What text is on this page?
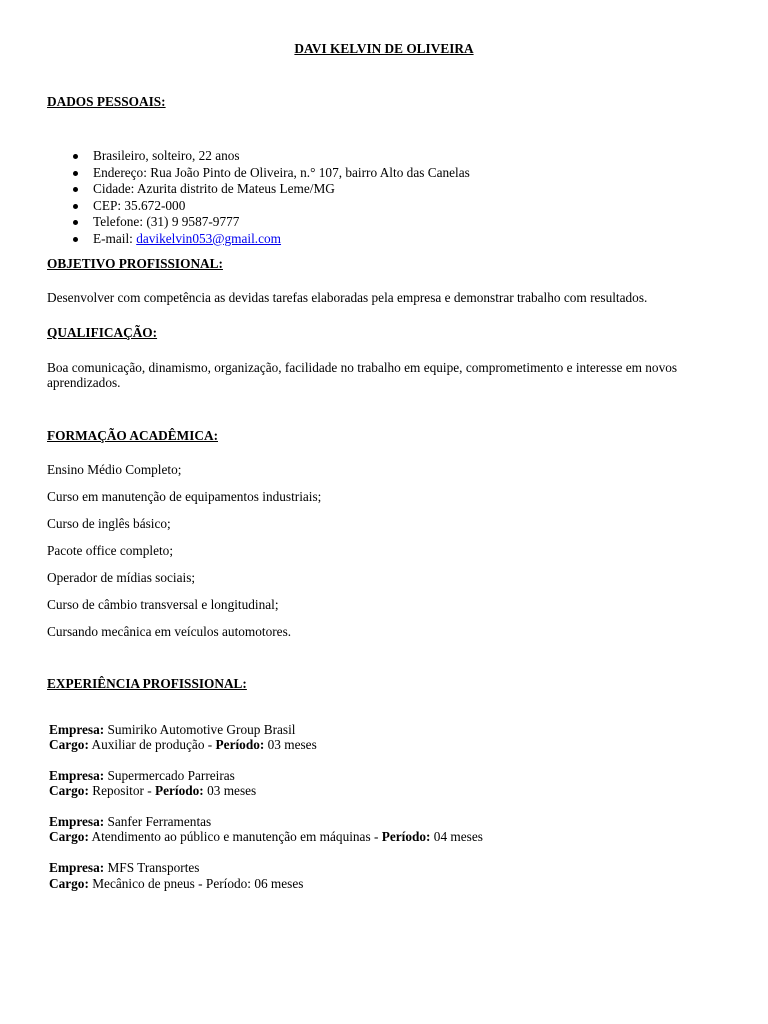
DAVI KELVIN DE OLIVEIRA
DADOS PESSOAIS:
Brasileiro, solteiro, 22 anos
Endereço: Rua João Pinto de Oliveira, n.° 107, bairro Alto das Canelas
Cidade: Azurita distrito de Mateus Leme/MG
CEP: 35.672-000
Telefone: (31) 9 9587-9777
E-mail: davikelvin053@gmail.com
OBJETIVO PROFISSIONAL:
Desenvolver com competência as devidas tarefas elaboradas pela empresa e demonstrar trabalho com resultados.
QUALIFICAÇÃO:
Boa comunicação, dinamismo, organização, facilidade no trabalho em equipe, comprometimento e interesse em novos
aprendizados.
FORMAÇÃO ACADÊMICA:
Ensino Médio Completo;
Curso em manutenção de equipamentos industriais;
Curso de inglês básico;
Pacote office completo;
Operador de mídias sociais;
Curso de câmbio transversal e longitudinal;
Cursando mecânica em veículos automotores.
EXPERIÊNCIA PROFISSIONAL:
Empresa: Sumiriko Automotive Group Brasil
Cargo: Auxiliar de produção - Período: 03 meses
Empresa: Supermercado Parreiras
Cargo: Repositor - Período: 03 meses
Empresa: Sanfer Ferramentas
Cargo: Atendimento ao público e manutenção em máquinas - Período: 04 meses
Empresa: MFS Transportes
Cargo: Mecânico de pneus - Período: 06 meses
